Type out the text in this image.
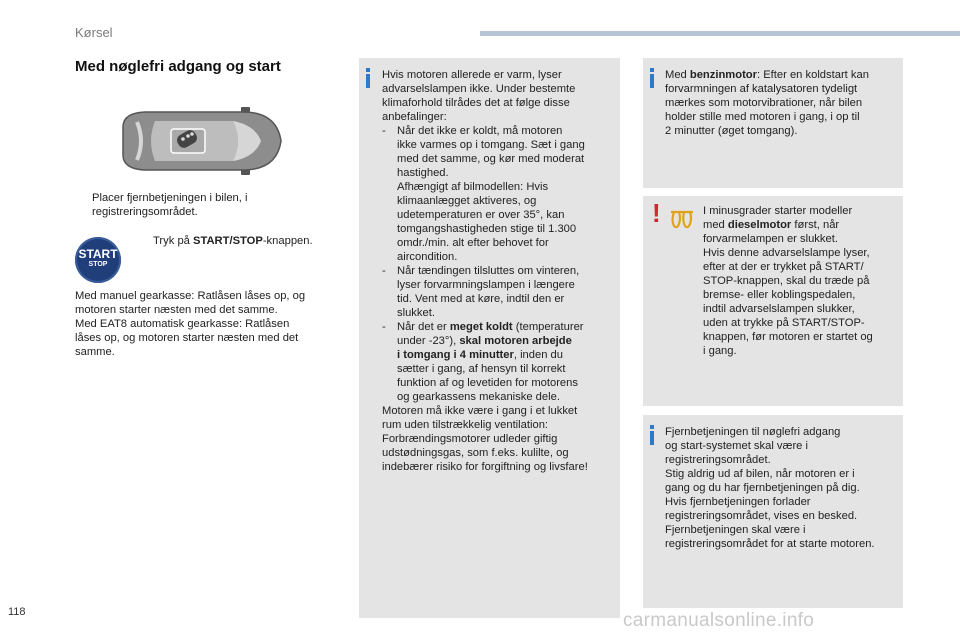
Kørsel
Med nøglefri adgang og start

Placer fjernbetjeningen i bilen, i

registreringsområdet.

START
STOP

Tryk på START/STOP-knappen.

Med manuel gearkasse: Ratlåsen låses op, og
motoren starter næsten med det samme.
Med EAT8 automatisk gearkasse: Ratlåsen
låses op, og motoren starter næsten med det
samme.
Hvis motoren allerede er varm, lyser
advarselslampen ikke. Under bestemte
klimaforhold tilrådes det at følge disse
anbefalinger:
- Når det ikke er koldt, må motoren
ikke varmes op i tomgang. Sæt i gang
med det samme, og kør med moderat
hastighed.
Afhængigt af bilmodellen: Hvis
klimaanlægget aktiveres, og
udetemperaturen er over 35°, kan
tomgangshastigheden stige til 1.300
omdr./min. alt efter behovet for
aircondition.
- Når tændingen tilsluttes om vinteren,
lyser forvarmningslampen i længere
tid. Vent med at køre, indtil den er
slukket.
- Når det er meget koldt (temperaturer
under -23°), skal motoren arbejde
i tomgang i 4 minutter, inden du
sætter i gang, af hensyn til korrekt
funktion af og levetiden for motorens
og gearkassens mekaniske dele.
Motoren må ikke være i gang i et lukket
rum uden tilstrækkelig ventilation:
Forbrændingsmotorer udleder giftig
udstødningsgas, som f.eks. kulilte, og
indebærer risiko for forgiftning og livsfare!
Med benzinmotor: Efter en koldstart kan
forvarmningen af katalysatoren tydeligt
mærkes som motorvibrationer, når bilen
holder stille med motoren i gang, i op til
2 minutter (øget tomgang).
!	I minusgrader starter modeller
med dieselmotor først, når
forvarmelampen er slukket.
Hvis denne advarselslampe lyser,
efter at der er trykket på START/
STOP-knappen, skal du træde på
bremse- eller koblingspedalen,
indtil advarselslampen slukker,
uden at trykke på START/STOP-
knappen, før motoren er startet og
i gang.
Fjernbetjeningen til nøglefri adgang
og start-systemet skal være i
registreringsområdet.
Stig aldrig ud af bilen, når motoren er i
gang og du har fjernbetjeningen på dig.
Hvis fjernbetjeningen forlader
registreringsområdet, vises en besked.
Fjernbetjeningen skal være i
registreringsområdet for at starte motoren.
118	carmanualsonline.info
